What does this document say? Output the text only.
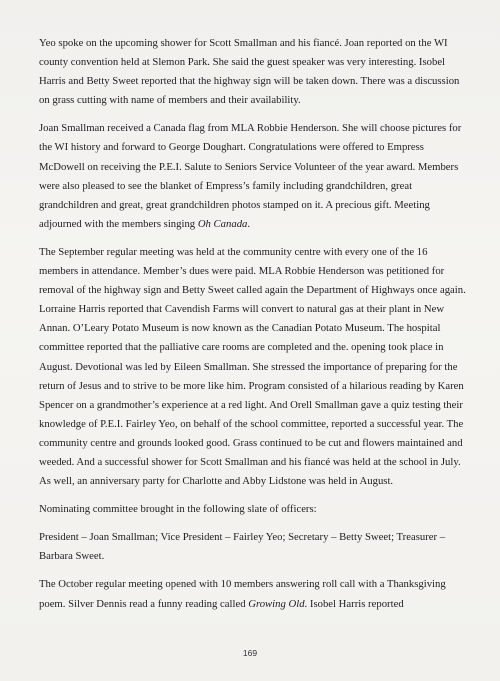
Yeo spoke on the upcoming shower for Scott Smallman and his fiancé. Joan reported on the WI county convention held at Slemon Park. She said the guest speaker was very interesting. Isobel Harris and Betty Sweet reported that the highway sign will be taken down. There was a discussion on grass cutting with name of members and their availability.

Joan Smallman received a Canada flag from MLA Robbie Henderson. She will choose pictures for the WI history and forward to George Doughart. Congratulations were offered to Empress McDowell on receiving the P.E.I. Salute to Seniors Service Volunteer of the year award. Members were also pleased to see the blanket of Empress’s family including grandchildren, great grandchildren and great, great grandchildren photos stamped on it. A precious gift. Meeting adjourned with the members singing Oh Canada.

The September regular meeting was held at the community centre with every one of the 16 members in attendance. Member’s dues were paid. MLA Robbie Henderson was petitioned for removal of the highway sign and Betty Sweet called again the Department of Highways once again. Lorraine Harris reported that Cavendish Farms will convert to natural gas at their plant in New Annan. O’Leary Potato Museum is now known as the Canadian Potato Museum. The hospital committee reported that the palliative care rooms are completed and the. opening took place in August. Devotional was led by Eileen Smallman. She stressed the importance of preparing for the return of Jesus and to strive to be more like him. Program consisted of a hilarious reading by Karen Spencer on a grandmother’s experience at a red light. And Orell Smallman gave a quiz testing their knowledge of P.E.I. Fairley Yeo, on behalf of the school committee, reported a successful year. The community centre and grounds looked good. Grass continued to be cut and flowers maintained and weeded. And a successful shower for Scott Smallman and his fiancé was held at the school in July. As well, an anniversary party for Charlotte and Abby Lidstone was held in August.

Nominating committee brought in the following slate of officers:

President – Joan Smallman; Vice President – Fairley Yeo; Secretary – Betty Sweet; Treasurer – Barbara Sweet.

The October regular meeting opened with 10 members answering roll call with a Thanksgiving poem. Silver Dennis read a funny reading called Growing Old. Isobel Harris reported

169
